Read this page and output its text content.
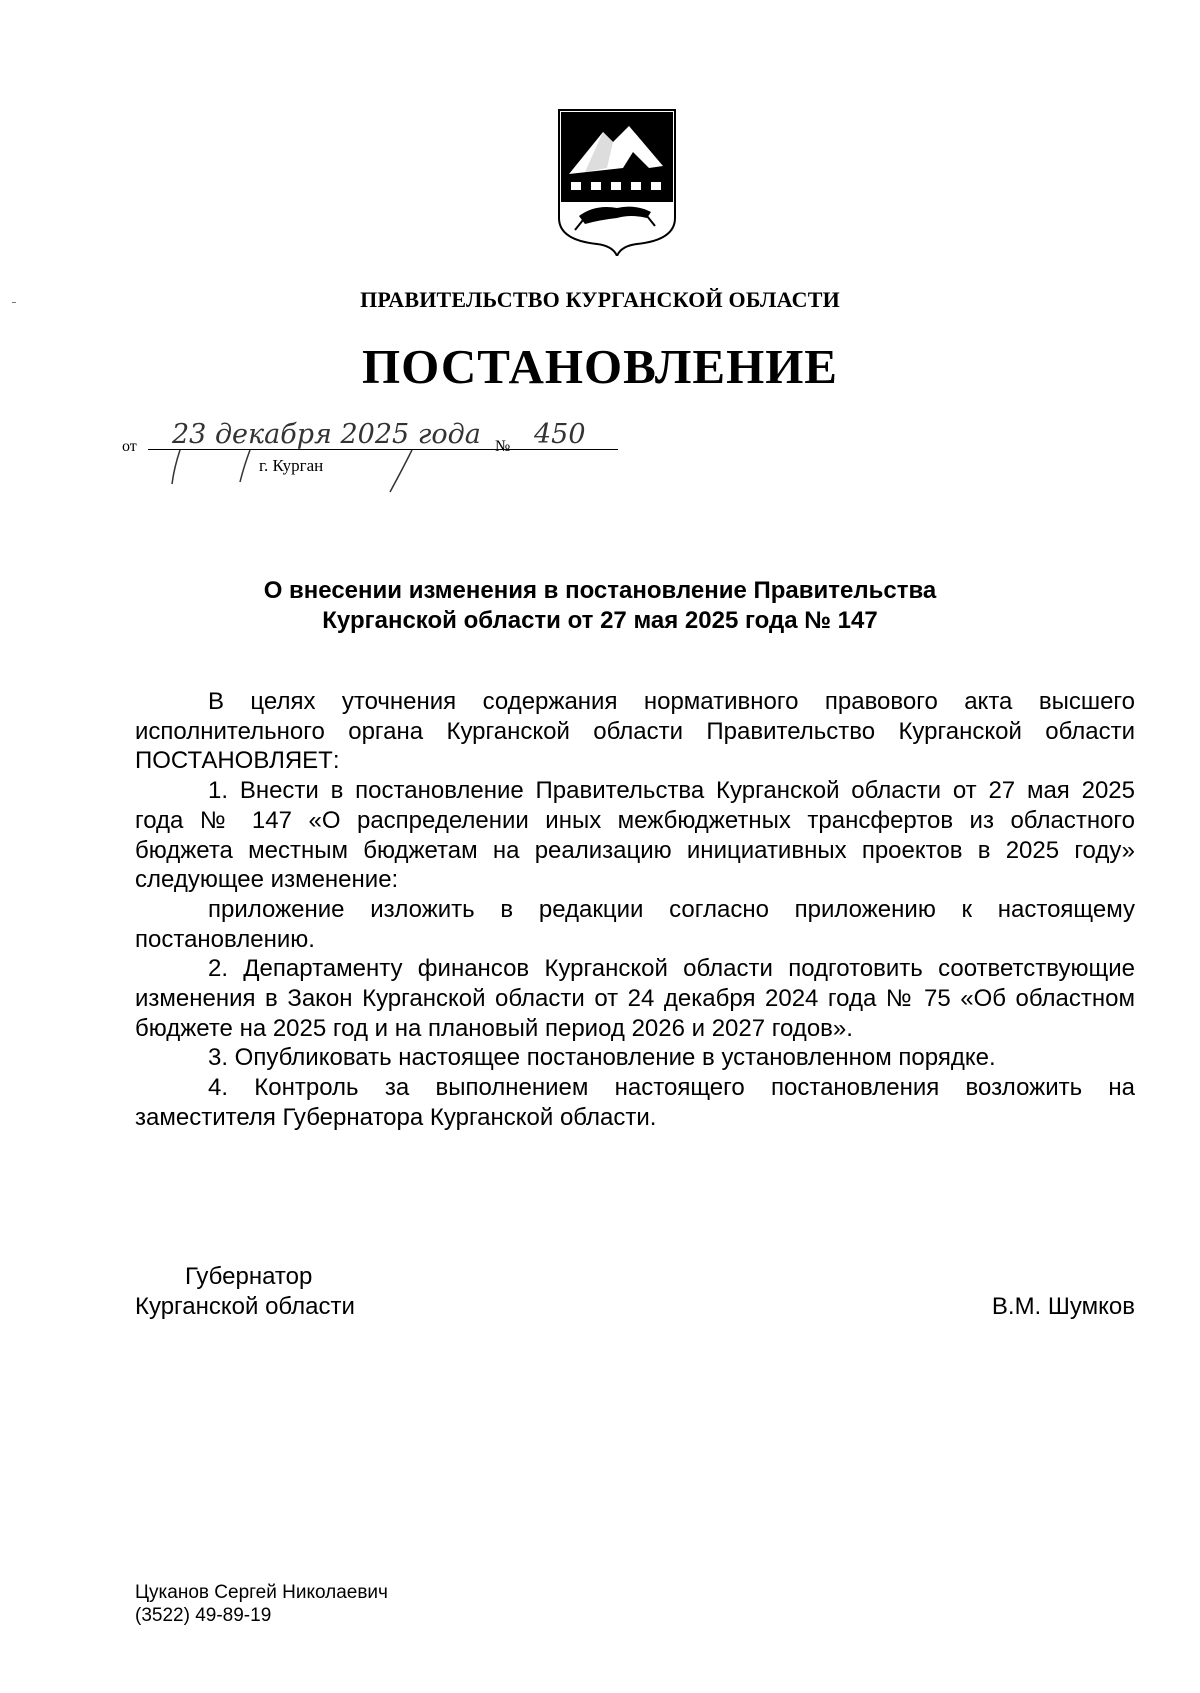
ПРАВИТЕЛЬСТВО КУРГАНСКОЙ ОБЛАСТИ
ПОСТАНОВЛЕНИЕ
от	23 декабря 2025 года № 450
г. Курган
О внесении изменения в постановление Правительства
Курганской области от 27 мая 2025 года № 147

В целях уточнения содержания нормативного правового акта высшего исполнительного органа Курганской области Правительство Курганской области ПОСТАНОВЛЯЕТ:

1. Внести в постановление Правительства Курганской области от 27 мая 2025 года № 147 «О распределении иных межбюджетных трансфертов из областного бюджета местным бюджетам на реализацию инициативных проектов в 2025 году» следующее изменение:

приложение изложить в редакции согласно приложению к настоящему постановлению.

2. Департаменту финансов Курганской области подготовить соответствующие изменения в Закон Курганской области от 24 декабря 2024 года № 75 «Об областном бюджете на 2025 год и на плановый период 2026 и 2027 годов».

3. Опубликовать настоящее постановление в установленном порядке.

4. Контроль за выполнением настоящего постановления возложить на заместителя Губернатора Курганской области.

Губернатор
Курганской области	В.М. Шумков
Цуканов Сергей Николаевич
(3522) 49-89-19
